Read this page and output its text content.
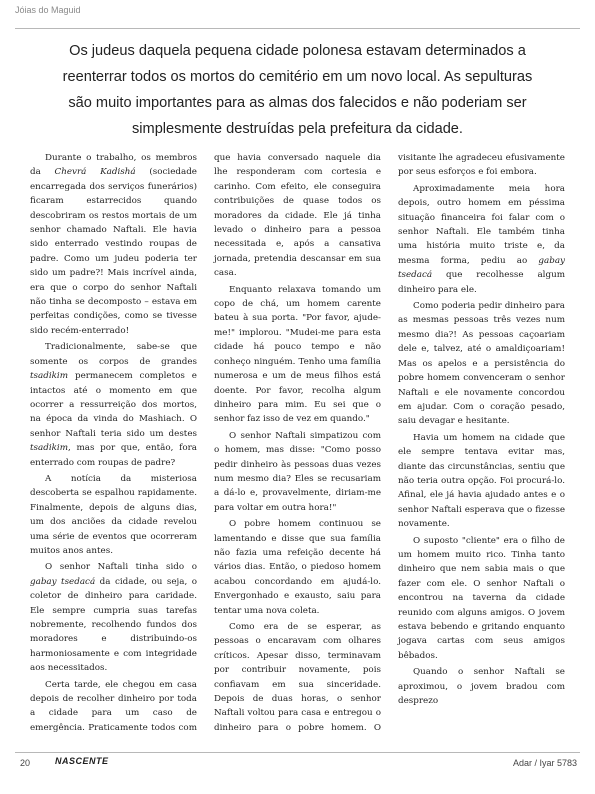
Jóias do Maguid
Os judeus daquela pequena cidade polonesa estavam determinados a reenterrar todos os mortos do cemitério em um novo local. As sepulturas são muito importantes para as almas dos falecidos e não poderiam ser simplesmente destruídas pela prefeitura da cidade.

Durante o trabalho, os membros da Chevrá Kadishá (sociedade encarregada dos serviços funerários) ficaram estarrecidos quando descobriram os restos mortais de um senhor chamado Naftali. Ele havia sido enterrado vestindo roupas de padre. Como um judeu poderia ter sido um padre?! Mais incrível ainda, era que o corpo do senhor Naftali não tinha se decomposto – estava em perfeitas condições, como se tivesse sido recém-enterrado!

Tradicionalmente, sabe-se que somente os corpos de grandes tsadikim permanecem completos e intactos até o momento em que ocorrer a ressurreição dos mortos, na época da vinda do Mashiach. O senhor Naftali teria sido um destes tsadikim, mas por que, então, fora enterrado com roupas de padre?

A notícia da misteriosa descoberta se espalhou rapidamente. Finalmente, depois de alguns dias, um dos anciões da cidade revelou uma série de eventos que ocorreram muitos anos antes.

O senhor Naftali tinha sido o gabay tsedacá da cidade, ou seja, o coletor de dinheiro para caridade. Ele sempre cumpria suas tarefas nobremente, recolhendo fundos dos moradores e distribuindo-os harmoniosamente e com integridade aos necessitados.

Certa tarde, ele chegou em casa depois de recolher dinheiro por toda a cidade para um caso de emergência. Praticamente todos com que havia conversado naquele dia lhe responderam com cortesia e carinho. Com efeito, ele conseguira contribuições de quase todos os moradores da cidade. Ele já tinha levado o dinheiro para a pessoa necessitada e, após a cansativa jornada, pretendia descansar em sua casa.

Enquanto relaxava tomando um copo de chá, um homem carente bateu à sua porta. "Por favor, ajude-me!" implorou. "Mudei-me para esta cidade há pouco tempo e não conheço ninguém. Tenho uma família numerosa e um de meus filhos está doente. Por favor, recolha algum dinheiro para mim. Eu sei que o senhor faz isso de vez em quando."

O senhor Naftali simpatizou com o homem, mas disse: "Como posso pedir dinheiro às pessoas duas vezes num mesmo dia? Eles se recusariam a dá-lo e, provavelmente, diriam-me para voltar em outra hora!"

O pobre homem continuou se lamentando e disse que sua família não fazia uma refeição decente há vários dias. Então, o piedoso homem acabou concordando em ajudá-lo. Envergonhado e exausto, saiu para tentar uma nova coleta.

Como era de se esperar, as pessoas o encaravam com olhares críticos. Apesar disso, terminavam por contribuir novamente, pois confiavam em sua sinceridade. Depois de duas horas, o senhor Naftali voltou para casa e entregou o dinheiro para o pobre homem. O visitante lhe agradeceu efusivamente por seus esforços e foi embora.

Aproximadamente meia hora depois, outro homem em péssima situação financeira foi falar com o senhor Naftali. Ele também tinha uma história muito triste e, da mesma forma, pediu ao gabay tsedacá que recolhesse algum dinheiro para ele.

Como poderia pedir dinheiro para as mesmas pessoas três vezes num mesmo dia?! As pessoas caçoariam dele e, talvez, até o amaldiçoariam! Mas os apelos e a persistência do pobre homem convenceram o senhor Naftali e ele novamente concordou em ajudar. Com o coração pesado, saiu devagar e hesitante.

Havia um homem na cidade que ele sempre tentava evitar mas, diante das circunstâncias, sentiu que não teria outra opção. Foi procurá-lo. Afinal, ele já havia ajudado antes e o senhor Naftali esperava que o fizesse novamente.

O suposto "cliente" era o filho de um homem muito rico. Tinha tanto dinheiro que nem sabia mais o que fazer com ele. O senhor Naftali o encontrou na taverna da cidade reunido com alguns amigos. O jovem estava bebendo e gritando enquanto jogava cartas com seus amigos bêbados.

Quando o senhor Naftali se aproximou, o jovem bradou com desprezo

20	NASCENTE	Adar / Iyar 5783
